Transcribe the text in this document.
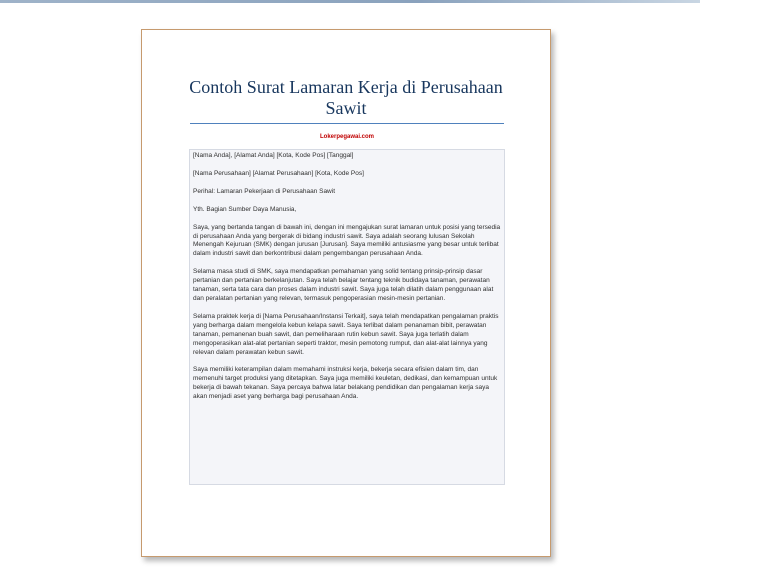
Contoh Surat Lamaran Kerja di Perusahaan Sawit
Lokerpegawai.com

[Nama Anda], [Alamat Anda] [Kota, Kode Pos] [Tanggal]

[Nama Perusahaan] [Alamat Perusahaan] [Kota, Kode Pos]

Perihal: Lamaran Pekerjaan di Perusahaan Sawit

Yth. Bagian Sumber Daya Manusia,

Saya, yang bertanda tangan di bawah ini, dengan ini mengajukan surat lamaran untuk posisi yang tersedia di perusahaan Anda yang bergerak di bidang industri sawit. Saya adalah seorang lulusan Sekolah Menengah Kejuruan (SMK) dengan jurusan [Jurusan]. Saya memiliki antusiasme yang besar untuk terlibat dalam industri sawit dan berkontribusi dalam pengembangan perusahaan Anda.

Selama masa studi di SMK, saya mendapatkan pemahaman yang solid tentang prinsip-prinsip dasar pertanian dan pertanian berkelanjutan. Saya telah belajar tentang teknik budidaya tanaman, perawatan tanaman, serta tata cara dan proses dalam industri sawit. Saya juga telah dilatih dalam penggunaan alat dan peralatan pertanian yang relevan, termasuk pengoperasian mesin-mesin pertanian.

Selama praktek kerja di [Nama Perusahaan/Instansi Terkait], saya telah mendapatkan pengalaman praktis yang berharga dalam mengelola kebun kelapa sawit. Saya terlibat dalam penanaman bibit, perawatan tanaman, pemanenan buah sawit, dan pemeliharaan rutin kebun sawit. Saya juga terlatih dalam mengoperasikan alat-alat pertanian seperti traktor, mesin pemotong rumput, dan alat-alat lainnya yang relevan dalam perawatan kebun sawit.

Saya memiliki keterampilan dalam memahami instruksi kerja, bekerja secara efisien dalam tim, dan memenuhi target produksi yang ditetapkan. Saya juga memiliki keuletan, dedikasi, dan kemampuan untuk bekerja di bawah tekanan. Saya percaya bahwa latar belakang pendidikan dan pengalaman kerja saya akan menjadi aset yang berharga bagi perusahaan Anda.
